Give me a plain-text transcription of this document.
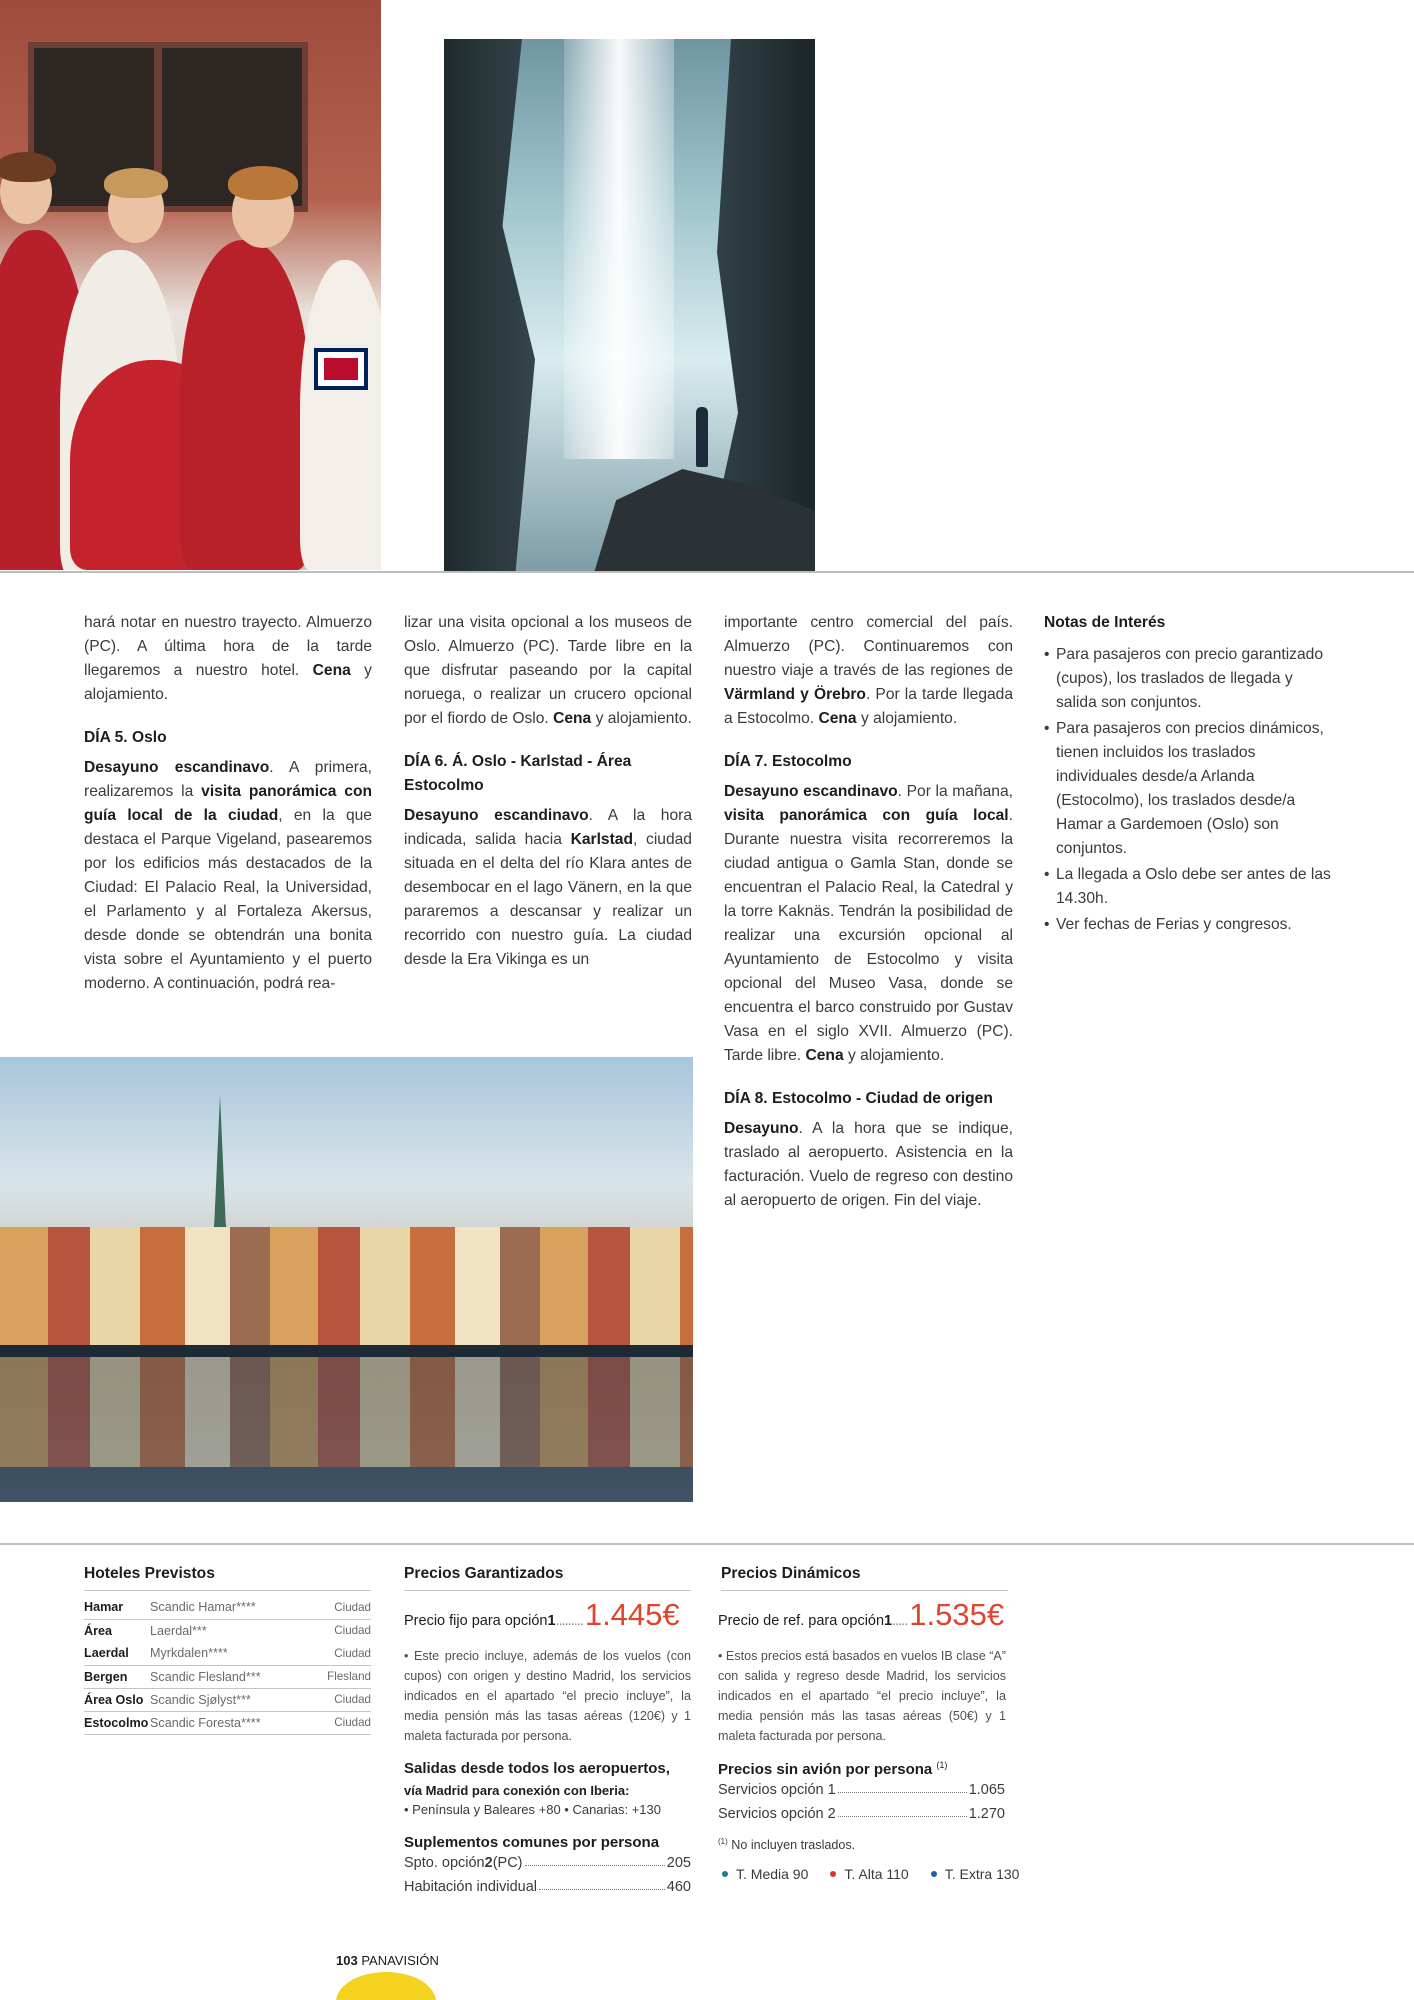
hará notar en nuestro trayecto. Almuerzo (PC). A última hora de la tarde llegaremos a nuestro hotel. Cena y alojamiento.

DÍA 5. Oslo

Desayuno escandinavo. A primera, realizaremos la visita panorámica con guía local de la ciudad, en la que destaca el Parque Vigeland, pasearemos por los edificios más destacados de la Ciudad: El Palacio Real, la Universidad, el Parlamento y al Fortaleza Akersus, desde donde se obtendrán una bonita vista sobre el Ayuntamiento y el puerto moderno. A continuación, podrá rea-

lizar una visita opcional a los museos de Oslo. Almuerzo (PC). Tarde libre en la que disfrutar paseando por la capital noruega, o realizar un crucero opcional por el fiordo de Oslo. Cena y alojamiento.

DÍA 6. Á. Oslo - Karlstad - Área Estocolmo

Desayuno escandinavo. A la hora indicada, salida hacia Karlstad, ciudad situada en el delta del río Klara antes de desembocar en el lago Vänern, en la que pararemos a descansar y realizar un recorrido con nuestro guía. La ciudad desde la Era Vikinga es un

importante centro comercial del país. Almuerzo (PC). Continuaremos con nuestro viaje a través de las regiones de Värmland y Örebro. Por la tarde llegada a Estocolmo. Cena y alojamiento.

DÍA 7. Estocolmo

Desayuno escandinavo. Por la mañana, visita panorámica con guía local. Durante nuestra visita recorreremos la ciudad antigua o Gamla Stan, donde se encuentran el Palacio Real, la Catedral y la torre Kaknäs. Tendrán la posibilidad de realizar una excursión opcional al Ayuntamiento de Estocolmo y visita opcional del Museo Vasa, donde se encuentra el barco construido por Gustav Vasa en el siglo XVII. Almuerzo (PC). Tarde libre. Cena y alojamiento.

DÍA 8. Estocolmo - Ciudad de origen

Desayuno. A la hora que se indique, traslado al aeropuerto. Asistencia en la facturación. Vuelo de regreso con destino al aeropuerto de origen. Fin del viaje.

Notas de Interés
• Para pasajeros con precio garantizado (cupos), los traslados de llegada y salida son conjuntos.
• Para pasajeros con precios dinámicos, tienen incluidos los traslados individuales desde/a Arlanda (Estocolmo), los traslados desde/a Hamar a Gardemoen (Oslo) son conjuntos.
• La llegada a Oslo debe ser antes de las 14.30h.
• Ver fechas de Ferias y congresos.
Hoteles Previstos
Hamar	Scandic Hamar****	Ciudad
Área	Laerdal***	Ciudad
Laerdal	Myrkdalen****	Ciudad
Bergen	Scandic Flesland***	Flesland
Área Oslo	Scandic Sjølyst***	Ciudad
Estocolmo	Scandic Foresta****	Ciudad

Precios Garantizados
Precio fijo para opción 1 ......... 1.445€
• Este precio incluye, además de los vuelos (con cupos) con origen y destino Madrid, los servicios indicados en el apartado “el precio incluye”, la media pensión más las tasas aéreas (120€) y 1 maleta facturada por persona.
Salidas desde todos los aeropuertos,
vía Madrid para conexión con Iberia:
• Península y Baleares +80 • Canarias: +130
Suplementos comunes por persona
Spto. opción 2 (PC)	205
Habitación individual	460
Precios Dinámicos
Precio de ref. para opción 1 ..... 1.535€
• Estos precios está basados en vuelos IB clase “A” con salida y regreso desde Madrid, los servicios indicados en el apartado “el precio incluye”, la media pensión más las tasas aéreas (50€) y 1 maleta facturada por persona.
Precios sin avión por persona $^{(1)}$
Servicios opción 1	1.065
Servicios opción 2	1.270
$^{(1)}$ No incluyen traslados.
T. Media 90	T. Alta 110	T. Extra 130
103 PANAVISIÓN
